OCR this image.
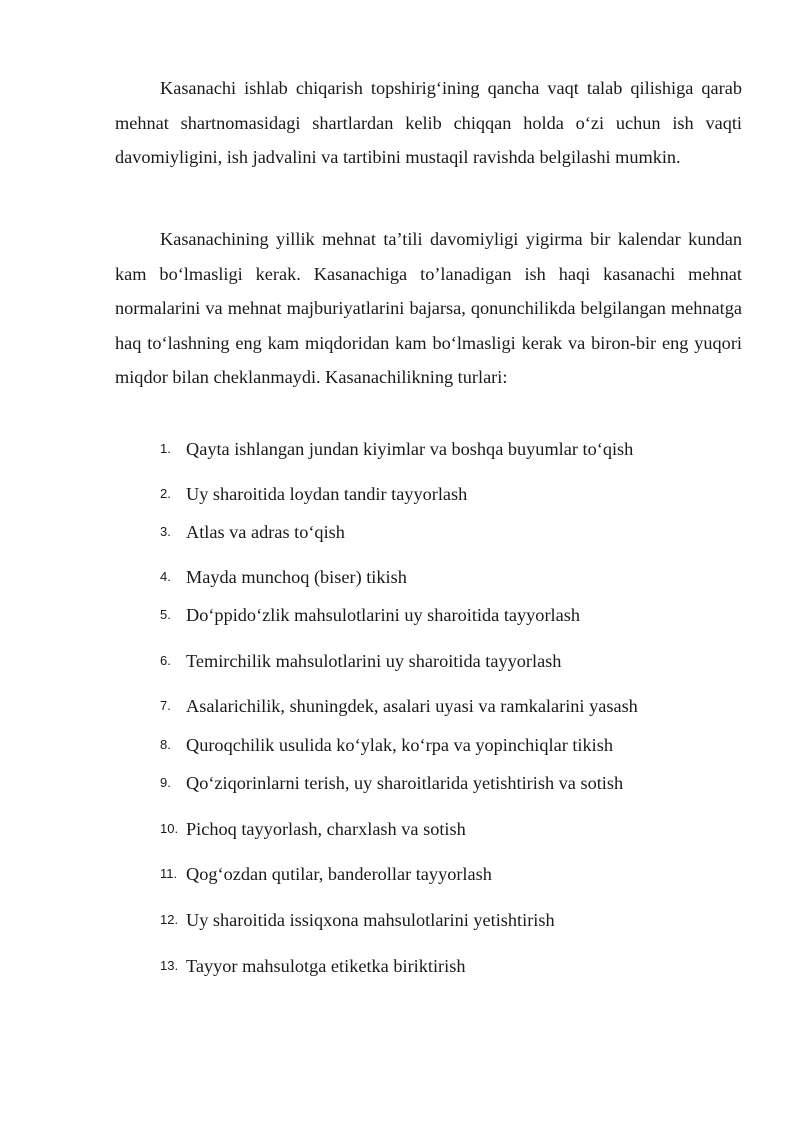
Kasanachi ishlab chiqarish topshirig‘ining qancha vaqt talab qilishiga qarab mehnat shartnomasidagi shartlardan kelib chiqqan holda o‘zi uchun ish vaqti davomiyligini, ish jadvalini va tartibini mustaqil ravishda belgilashi mumkin.

Kasanachining yillik mehnat ta’tili davomiyligi yigirma bir kalendar kundan kam bo‘lmasligi kerak. Kasanachiga to’lanadigan ish haqi kasanachi mehnat normalarini va mehnat majburiyatlarini bajarsa, qonunchilikda belgilangan mehnatga haq to‘lashning eng kam miqdoridan kam bo‘lmasligi kerak va biron-bir eng yuqori miqdor bilan cheklanmaydi. Kasanachilikning turlari:

1. Qayta ishlangan jundan kiyimlar va boshqa buyumlar to‘qish
2. Uy sharoitida loydan tandir tayyorlash
3. Atlas va adras to‘qish
4. Mayda munchoq (biser) tikish
5. Do‘ppido‘zlik mahsulotlarini uy sharoitida tayyorlash
6. Temirchilik mahsulotlarini uy sharoitida tayyorlash
7. Asalarichilik, shuningdek, asalari uyasi va ramkalarini yasash
8. Quroqchilik usulida ko‘ylak, ko‘rpa va yopinchiqlar tikish
9. Qo‘ziqorinlarni terish, uy sharoitlarida yetishtirish va sotish
10. Pichoq tayyorlash, charxlash va sotish
11. Qog‘ozdan qutilar, banderollar tayyorlash
12. Uy sharoitida issiqxona mahsulotlarini yetishtirish
13. Tayyor mahsulotga etiketka biriktirish
